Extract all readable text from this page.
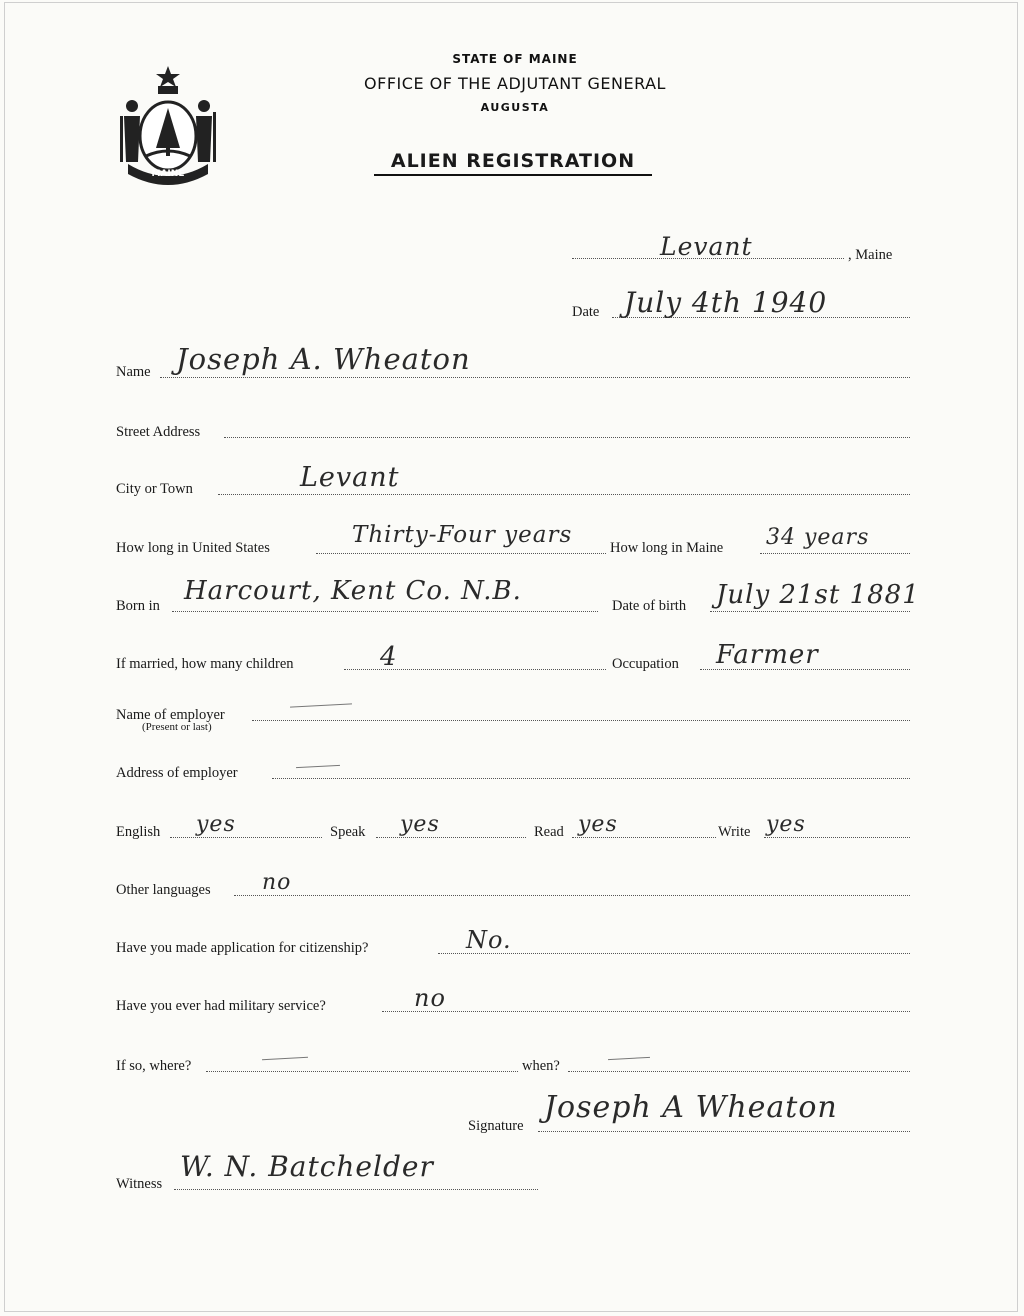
MAINE
STATE OF MAINE
OFFICE OF THE ADJUTANT GENERAL
AUGUSTA
ALIEN REGISTRATION
Levant	, Maine
Date July 4th 1940
Name Joseph A. Wheaton
Street Address
City or Town	Levant
How long in United States	Thirty-Four years	How long in Maine 34 years
Born in Harcourt, Kent Co. N.B.	Date of birth July 21st 1881
If married, how many children	4	Occupation Farmer
Name of employer
(Present or last)
Address of employer
English yes	Speak yes	Read yes	Write yes
Other languages no
Have you made application for citizenship?	No.
Have you ever had military service?	no
If so, where?	when?
Signature
Joseph A Wheaton
Witness
W. N. Batchelder
